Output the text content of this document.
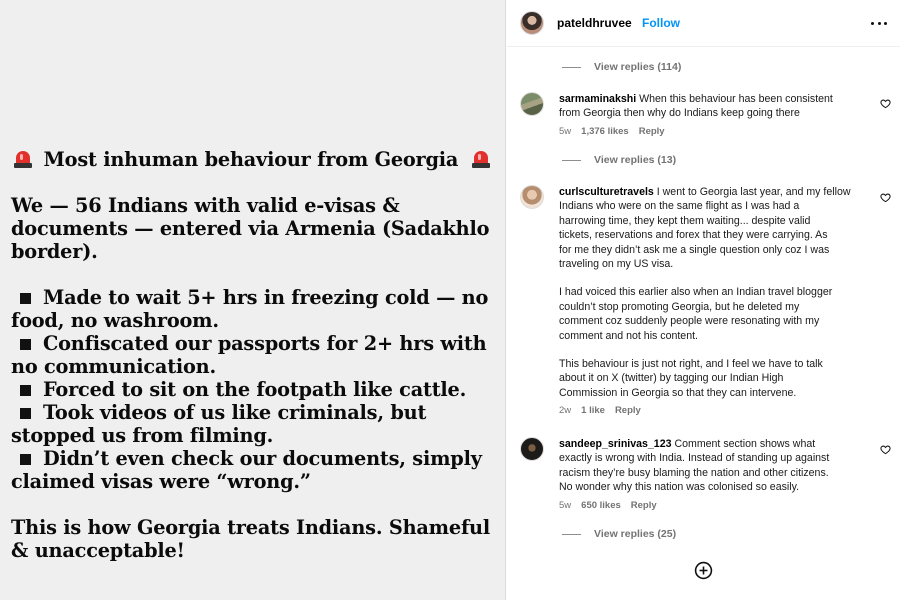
Most inhuman behaviour from Georgia
We — 56 Indians with valid e-visas &
documents — entered via Armenia (Sadakhlo
border).
Made to wait 5+ hrs in freezing cold — no
food, no washroom.
Confiscated our passports for 2+ hrs with
no communication.
Forced to sit on the footpath like cattle.
Took videos of us like criminals, but
stopped us from filming.
Didn’t even check our documents, simply
claimed visas were “wrong.”
This is how Georgia treats Indians. Shameful
& unacceptable!
pateldhruvee Follow
View replies (114)
sarmaminakshi When this behaviour has been consistent
from Georgia then why do Indians keep going there
5w 1,376 likes Reply
View replies (13)
curlsculturetravels I went to Georgia last year, and my fellow
Indians who were on the same flight as I was had a
harrowing time, they kept them waiting... despite valid
tickets, reservations and forex that they were carrying. As
for me they didn’t ask me a single question only coz I was
traveling on my US visa.
I had voiced this earlier also when an Indian travel blogger
couldn’t stop promoting Georgia, but he deleted my
comment coz suddenly people were resonating with my
comment and not his content.
This behaviour is just not right, and I feel we have to talk
about it on X (twitter) by tagging our Indian High
Commission in Georgia so that they can intervene.
2w 1 like Reply
sandeep_srinivas_123 Comment section shows what
exactly is wrong with India. Instead of standing up against
racism they’re busy blaming the nation and other citizens.
No wonder why this nation was colonised so easily.
5w 650 likes Reply
View replies (25)
